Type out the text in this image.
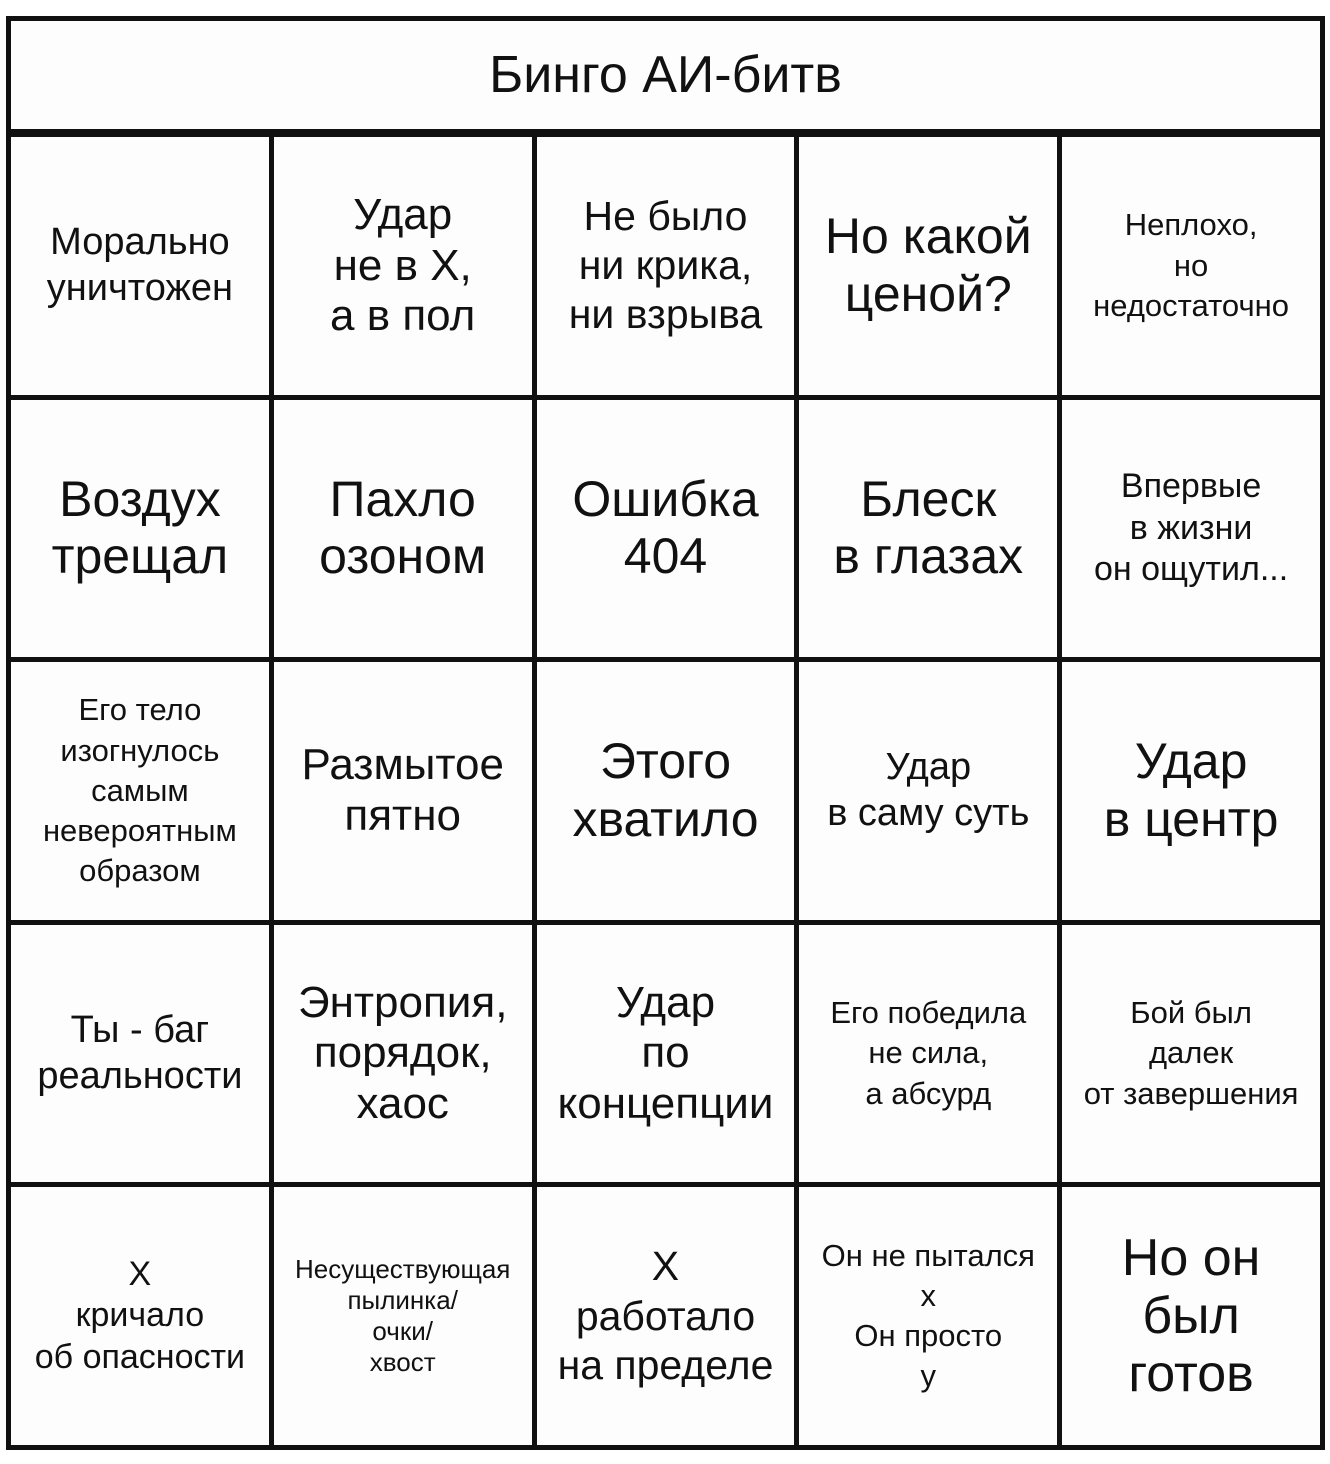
Бинго АИ-битв
Морально
уничтожен
Удар
не в X,
а в пол
Не было
ни крика,
ни взрыва
Но какой
ценой?
Неплохо,
но
недостаточно
Воздух
трещал
Пахло
озоном
Ошибка
404
Блеск
в глазах
Впервые
в жизни
он ощутил...
Его тело
изогнулось
самым
невероятным
образом
Размытое
пятно
Этого
хватило
Удар
в саму суть
Удар
в центр
Ты - баг
реальности
Энтропия,
порядок,
хаос
Удар
по
концепции
Его победила
не сила,
а абсурд
Бой был
далек
от завершения
X
кричало
об опасности
Несуществующая
пылинка/
очки/
хвост
X
работало
на пределе
Он не пытался
x
Он просто
у
Но он
был
готов
